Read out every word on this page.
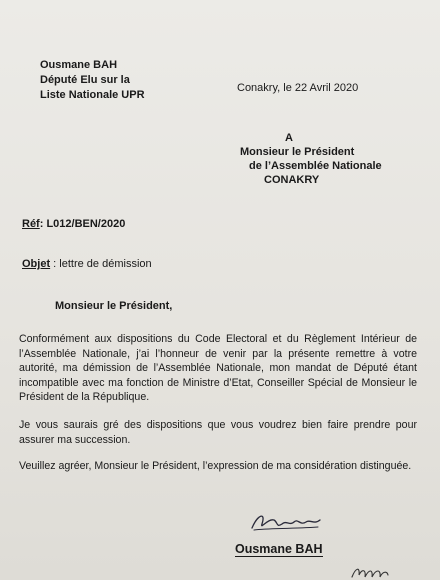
Ousmane BAH
Député Elu sur la
Liste Nationale UPR
Conakry, le 22 Avril 2020
A
Monsieur le Président
de l’Assemblée Nationale
CONAKRY
Réf: L012/BEN/2020
Objet : lettre de démission
Monsieur le Président,
Conformément aux dispositions du Code Electoral et du Règlement Intérieur de l’Assemblée Nationale, j’ai l’honneur de venir par la présente remettre à votre autorité, ma démission de l’Assemblée Nationale, mon mandat de Député étant incompatible avec ma fonction de Ministre d’Etat, Conseiller Spécial de Monsieur le Président de la République.
Je vous saurais gré des dispositions que vous voudrez bien faire prendre pour assurer ma succession.
Veuillez agréer, Monsieur le Président, l’expression de ma considération distinguée.
Ousmane BAH
